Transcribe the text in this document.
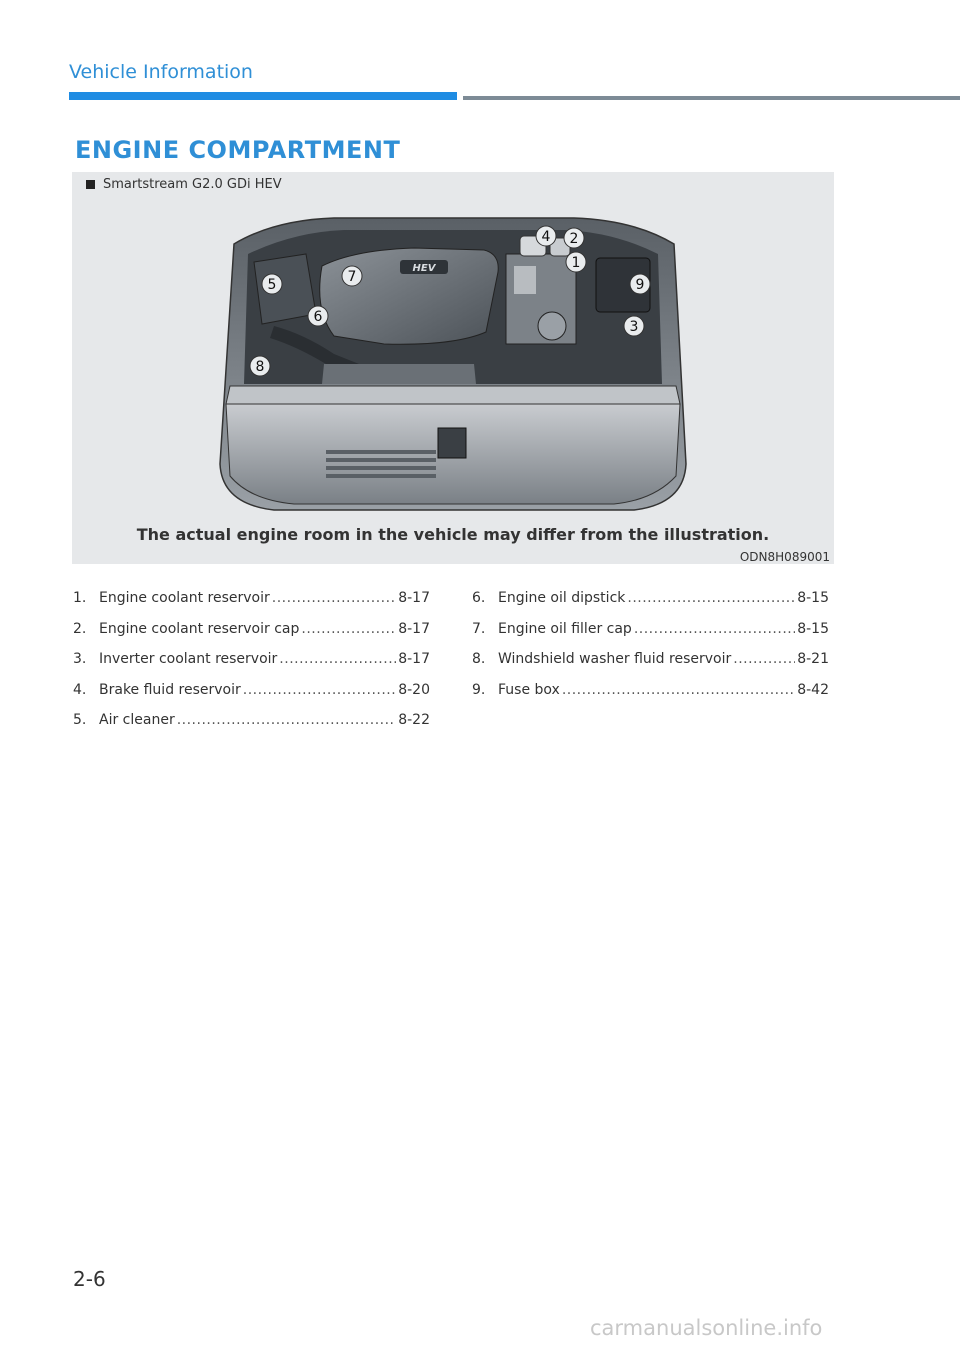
Vehicle Information
ENGINE COMPARTMENT
Smartstream G2.0 GDi HEV
HEV
4 2
1
7
5	9
6
3
8
The actual engine room in the vehicle may differ from the illustration.
ODN8H089001
1. Engine coolant reservoir .....	8-17
2. Engine coolant reservoir cap .....	8-17
3. Inverter coolant reservoir .....	8-17
4. Brake fluid reservoir .....	8-20
5. Air cleaner .....	8-22
6. Engine oil dipstick .....	8-15
7. Engine oil filler cap .....	8-15
8. Windshield washer fluid reservoir .....	8-21
9. Fuse box .....	8-42
2-6
carmanualsonline.info
